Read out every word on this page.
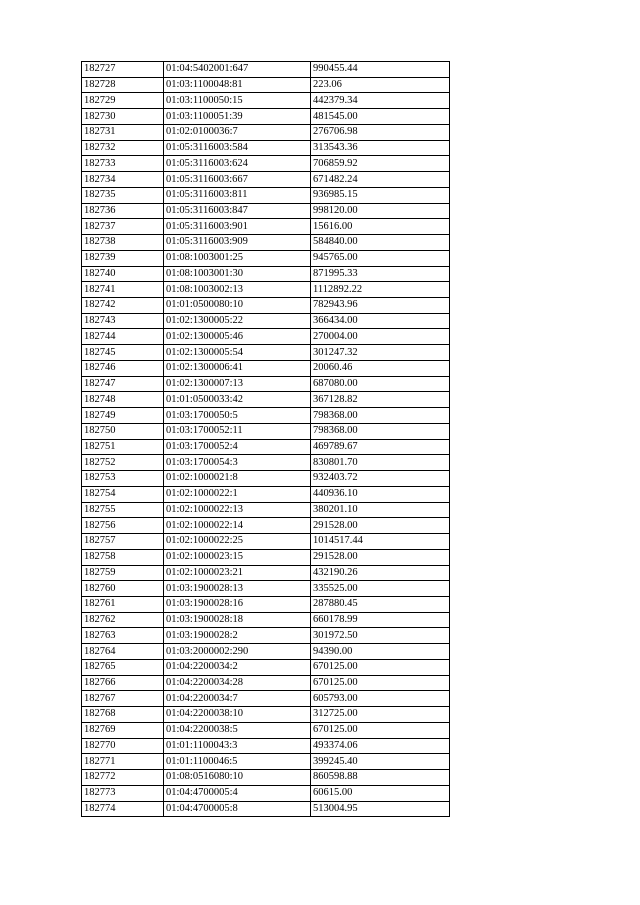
182727	01:04:5402001:647	990455.44
182728	01:03:1100048:81	223.06
182729	01:03:1100050:15	442379.34
182730	01:03:1100051:39	481545.00
182731	01:02:0100036:7	276706.98
182732	01:05:3116003:584	313543.36
182733	01:05:3116003:624	706859.92
182734	01:05:3116003:667	671482.24
182735	01:05:3116003:811	936985.15
182736	01:05:3116003:847	998120.00
182737	01:05:3116003:901	15616.00
182738	01:05:3116003:909	584840.00
182739	01:08:1003001:25	945765.00
182740	01:08:1003001:30	871995.33
182741	01:08:1003002:13	1112892.22
182742	01:01:0500080:10	782943.96
182743	01:02:1300005:22	366434.00
182744	01:02:1300005:46	270004.00
182745	01:02:1300005:54	301247.32
182746	01:02:1300006:41	20060.46
182747	01:02:1300007:13	687080.00
182748	01:01:0500033:42	367128.82
182749	01:03:1700050:5	798368.00
182750	01:03:1700052:11	798368.00
182751	01:03:1700052:4	469789.67
182752	01:03:1700054:3	830801.70
182753	01:02:1000021:8	932403.72
182754	01:02:1000022:1	440936.10
182755	01:02:1000022:13	380201.10
182756	01:02:1000022:14	291528.00
182757	01:02:1000022:25	1014517.44
182758	01:02:1000023:15	291528.00
182759	01:02:1000023:21	432190.26
182760	01:03:1900028:13	335525.00
182761	01:03:1900028:16	287880.45
182762	01:03:1900028:18	660178.99
182763	01:03:1900028:2	301972.50
182764	01:03:2000002:290	94390.00
182765	01:04:2200034:2	670125.00
182766	01:04:2200034:28	670125.00
182767	01:04:2200034:7	605793.00
182768	01:04:2200038:10	312725.00
182769	01:04:2200038:5	670125.00
182770	01:01:1100043:3	493374.06
182771	01:01:1100046:5	399245.40
182772	01:08:0516080:10	860598.88
182773	01:04:4700005:4	60615.00
182774	01:04:4700005:8	513004.95
